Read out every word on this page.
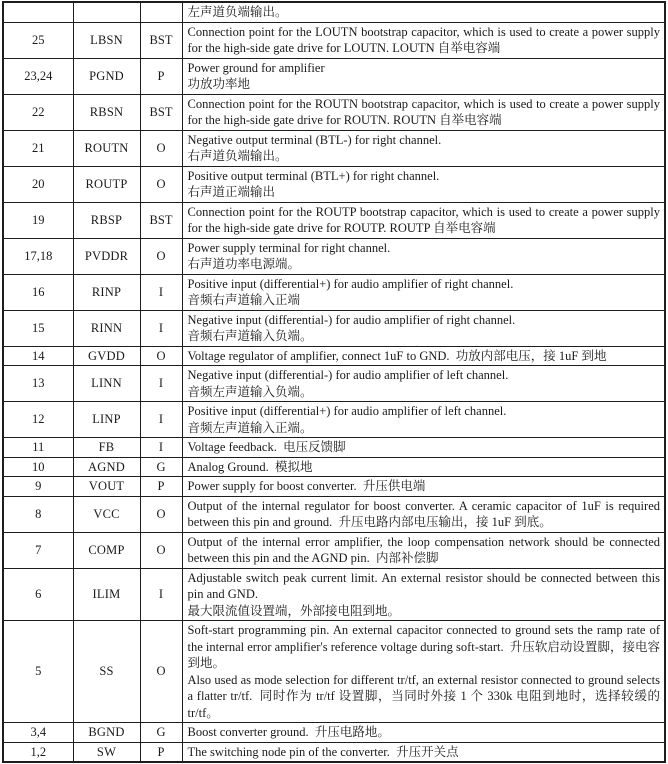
			左声道负端输出。

25	LBSN	BST	Connection point for the LOUTN bootstrap capacitor, which is used to create a power supply for the high-side gate drive for LOUTN. LOUTN 自举电容端

23,24	PGND	P	Power ground for amplifier
功放功率地

22	RBSN	BST	Connection point for the ROUTN bootstrap capacitor, which is used to create a power supply for the high-side gate drive for ROUTN. ROUTN 自举电容端

21	ROUTN	O	Negative output terminal (BTL-) for right channel.
右声道负端输出。

20	ROUTP	O	Positive output terminal (BTL+) for right channel.
右声道正端输出

19	RBSP	BST	Connection point for the ROUTP bootstrap capacitor, which is used to create a power supply for the high-side gate drive for ROUTP. ROUTP 自举电容端

17,18	PVDDR	O	Power supply terminal for right channel.
右声道功率电源端。

16	RINP	I	Positive input (differential+) for audio amplifier of right channel.
音频右声道输入正端

15	RINN	I	Negative input (differential-) for audio amplifier of right channel.
音频右声道输入负端。

14	GVDD	O	Voltage regulator of amplifier, connect 1uF to GND.  功放内部电压，接 1uF 到地

13	LINN	I	Negative input (differential-) for audio amplifier of left channel.
音频左声道输入负端。

12	LINP	I	Positive input (differential+) for audio amplifier of left channel.
音频左声道输入正端。

11	FB	I	Voltage feedback.  电压反馈脚

10	AGND	G	Analog Ground.  模拟地

9	VOUT	P	Power supply for boost converter.  升压供电端

8	VCC	O	Output of the internal regulator for boost converter. A ceramic capacitor of 1uF is required between this pin and ground.  升压电路内部电压输出，接 1uF 到底。

7	COMP	O	Output of the internal error amplifier, the loop compensation network should be connected between this pin and the AGND pin.  内部补偿脚

6	ILIM	I	Adjustable switch peak current limit. An external resistor should be connected between this pin and GND.
最大限流值设置端，外部接电阻到地。

5	SS	O	Soft-start programming pin. An external capacitor connected to ground sets the ramp rate of the internal error amplifier's reference voltage during soft-start.  升压软启动设置脚，接电容到地。
Also used as mode selection for different tr/tf, an external resistor connected to ground selects a flatter tr/tf.  同时作为 tr/tf 设置脚，当同时外接 1 个 330k 电阻到地时，选择较缓的 tr/tf。

3,4	BGND	G	Boost converter ground.  升压电路地。

1,2	SW	P	The switching node pin of the converter.  升压开关点
